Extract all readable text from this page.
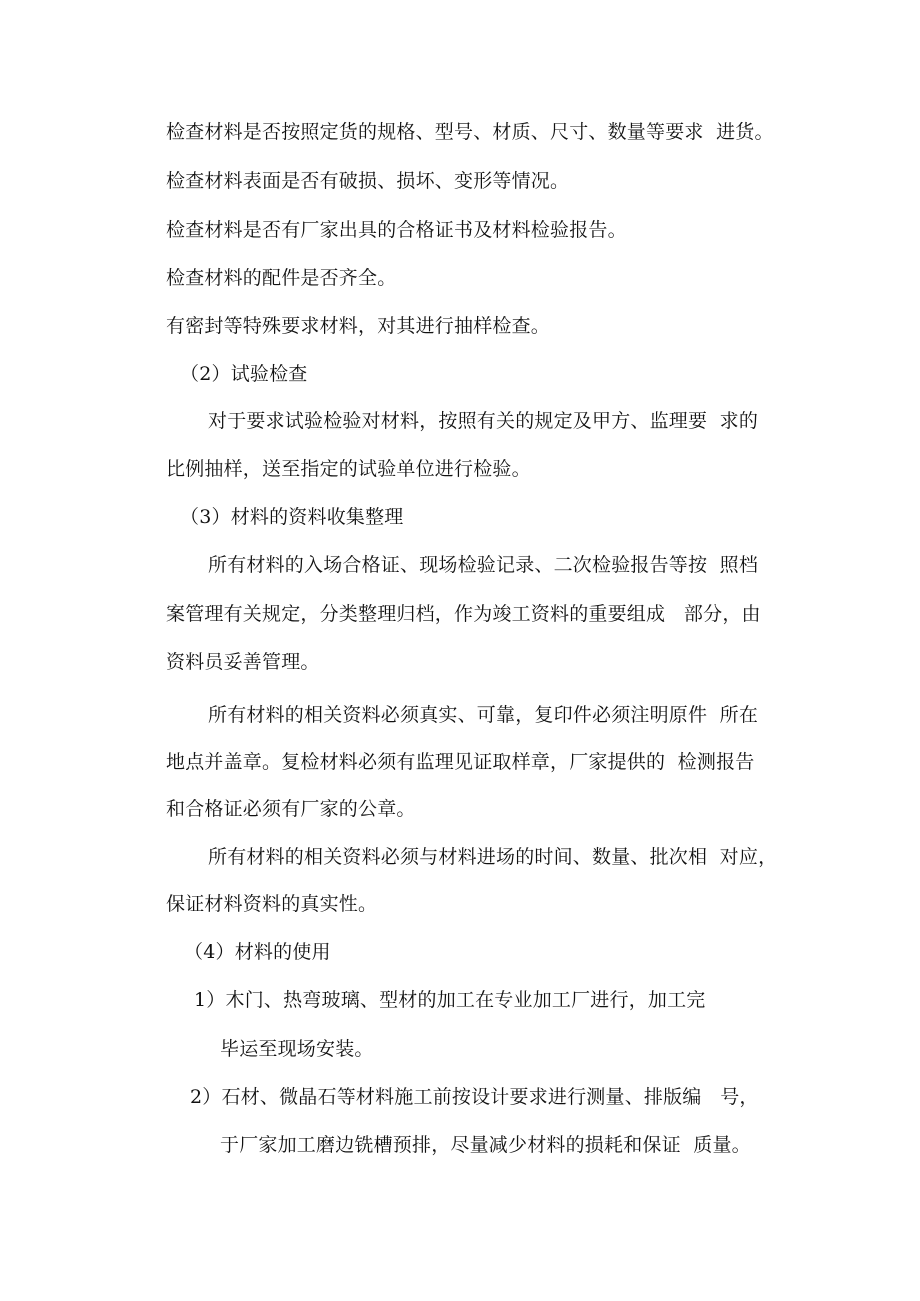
检查材料是否按照定货的规格、型号、材质、尺寸、数量等要求  进货。
检查材料表面是否有破损、损坏、变形等情况。
检查材料是否有厂家出具的合格证书及材料检验报告。
检查材料的配件是否齐全。
有密封等特殊要求材料，对其进行抽样检查。
（2）试验检查
对于要求试验检验对材料，按照有关的规定及甲方、监理要  求的
比例抽样，送至指定的试验单位进行检验。
（3）材料的资料收集整理
所有材料的入场合格证、现场检验记录、二次检验报告等按  照档
案管理有关规定，分类整理归档，作为竣工资料的重要组成   部分，由
资料员妥善管理。
所有材料的相关资料必须真实、可靠，复印件必须注明原件  所在
地点并盖章。复检材料必须有监理见证取样章，厂家提供的  检测报告
和合格证必须有厂家的公章。
所有材料的相关资料必须与材料进场的时间、数量、批次相  对应，
保证材料资料的真实性。
（4）材料的使用
1）木门、热弯玻璃、型材的加工在专业加工厂进行，加工完
毕运至现场安装。
2）石材、微晶石等材料施工前按设计要求进行测量、排版编   号，
于厂家加工磨边铣槽预排，尽量减少材料的损耗和保证  质量。
